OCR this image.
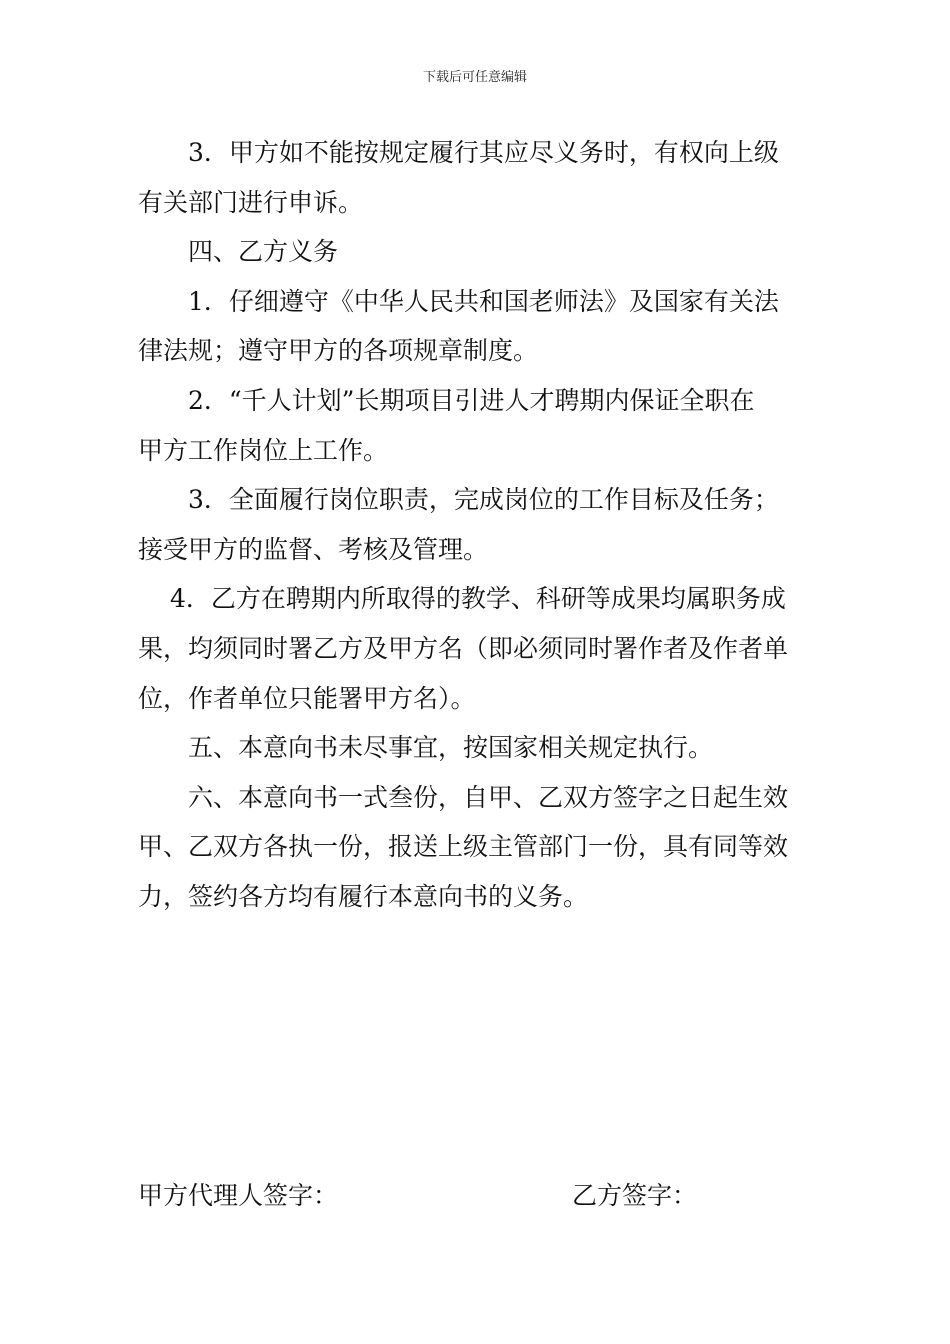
下载后可任意编辑
3．甲方如不能按规定履行其应尽义务时，有权向上级
有关部门进行申诉。
四、乙方义务
1．仔细遵守《中华人民共和国老师法》及国家有关法
律法规；遵守甲方的各项规章制度。
2．“千人计划”长期项目引进人才聘期内保证全职在
甲方工作岗位上工作。
3．全面履行岗位职责，完成岗位的工作目标及任务；
接受甲方的监督、考核及管理。
4．乙方在聘期内所取得的教学、科研等成果均属职务成
果，均须同时署乙方及甲方名（即必须同时署作者及作者单
位，作者单位只能署甲方名）。
五、本意向书未尽事宜，按国家相关规定执行。
六、本意向书一式叁份，自甲、乙双方签字之日起生效
甲、乙双方各执一份，报送上级主管部门一份，具有同等效
力，签约各方均有履行本意向书的义务。
甲方代理人签字：	乙方签字：
